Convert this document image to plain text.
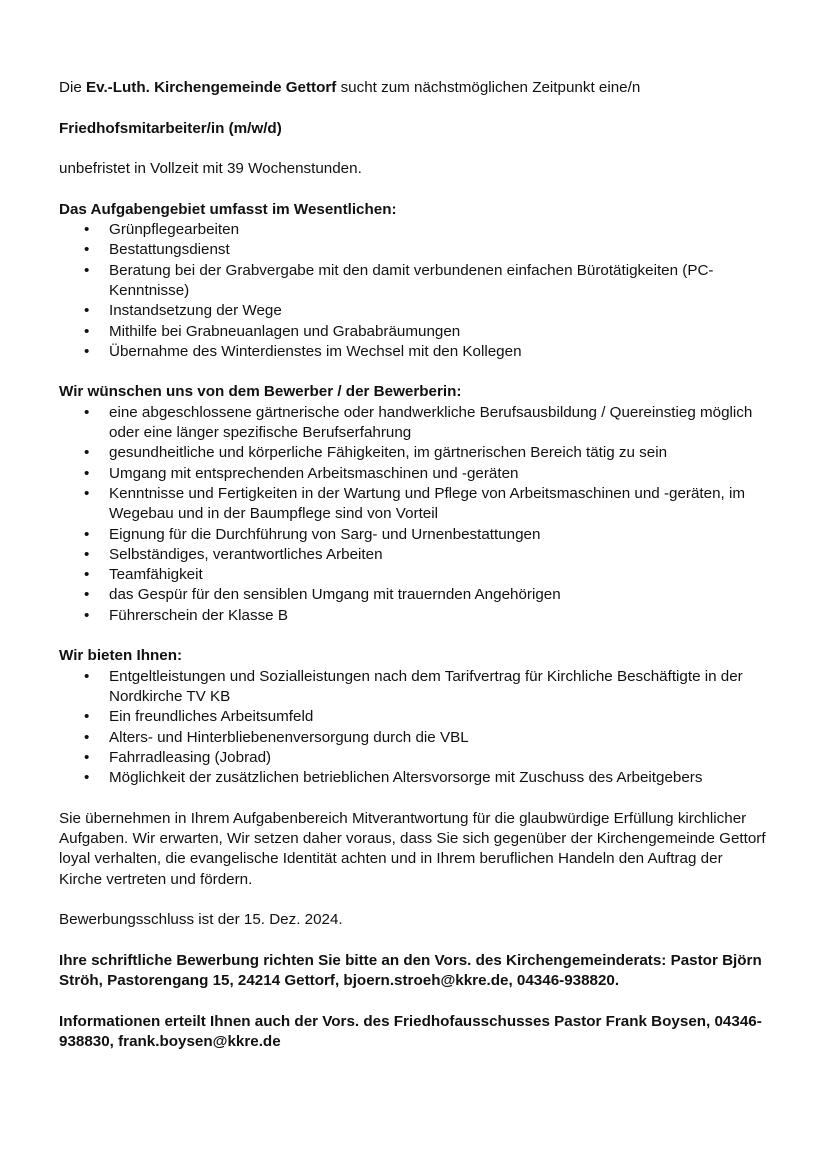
Die Ev.-Luth. Kirchengemeinde Gettorf sucht zum nächstmöglichen Zeitpunkt eine/n

Friedhofsmitarbeiter/in (m/w/d)

unbefristet in Vollzeit mit 39 Wochenstunden.

Das Aufgabengebiet umfasst im Wesentlichen:

• Grünpflegearbeiten
• Bestattungsdienst
• Beratung bei der Grabvergabe mit den damit verbundenen einfachen Bürotätigkeiten (PC-Kenntnisse)
• Instandsetzung der Wege
• Mithilfe bei Grabneuanlagen und Grababräumungen
• Übernahme des Winterdienstes im Wechsel mit den Kollegen

Wir wünschen uns von dem Bewerber / der Bewerberin:

• eine abgeschlossene gärtnerische oder handwerkliche Berufsausbildung / Quereinstieg möglich oder eine länger spezifische Berufserfahrung
• gesundheitliche und körperliche Fähigkeiten, im gärtnerischen Bereich tätig zu sein
• Umgang mit entsprechenden Arbeitsmaschinen und -geräten
• Kenntnisse und Fertigkeiten in der Wartung und Pflege von Arbeitsmaschinen und -geräten, im Wegebau und in der Baumpflege sind von Vorteil
• Eignung für die Durchführung von Sarg- und Urnenbestattungen
• Selbständiges, verantwortliches Arbeiten
• Teamfähigkeit
• das Gespür für den sensiblen Umgang mit trauernden Angehörigen
• Führerschein der Klasse B

Wir bieten Ihnen:

• Entgeltleistungen und Sozialleistungen nach dem Tarifvertrag für Kirchliche Beschäftigte in der Nordkirche TV KB
• Ein freundliches Arbeitsumfeld
• Alters- und Hinterbliebenenversorgung durch die VBL
• Fahrradleasing (Jobrad)
• Möglichkeit der zusätzlichen betrieblichen Altersvorsorge mit Zuschuss des Arbeitgebers

Sie übernehmen in Ihrem Aufgabenbereich Mitverantwortung für die glaubwürdige Erfüllung kirchlicher Aufgaben. Wir erwarten, Wir setzen daher voraus, dass Sie sich gegenüber der Kirchengemeinde Gettorf loyal verhalten, die evangelische Identität achten und in Ihrem beruflichen Handeln den Auftrag der Kirche vertreten und fördern.

Bewerbungsschluss ist der 15. Dez. 2024.

Ihre schriftliche Bewerbung richten Sie bitte an den Vors. des Kirchengemeinderats: Pastor Björn Ströh, Pastorengang 15, 24214 Gettorf, bjoern.stroeh@kkre.de, 04346-938820.

Informationen erteilt Ihnen auch der Vors. des Friedhofausschusses Pastor Frank Boysen, 04346-938830, frank.boysen@kkre.de
